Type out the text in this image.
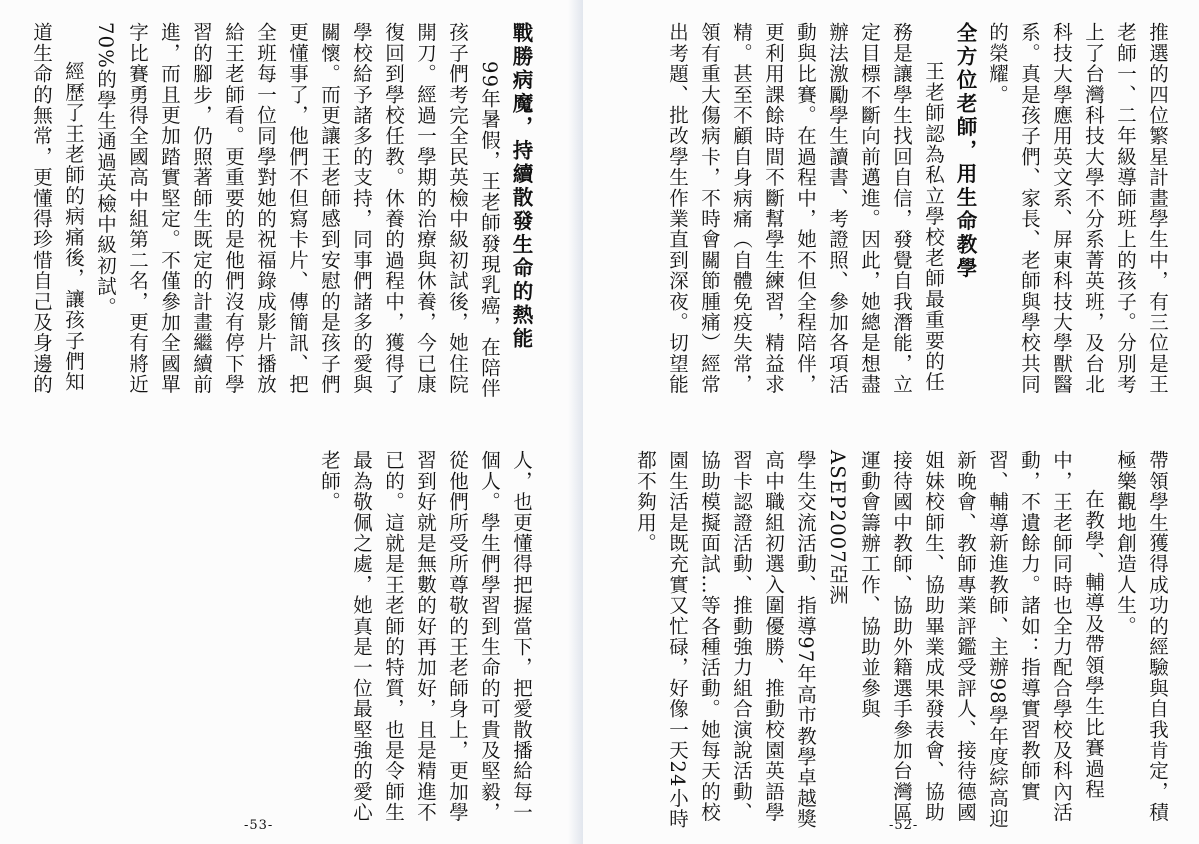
戰勝病魔，持續散發生命的熱能
99年暑假，王老師發現乳癌，在陪伴
孩子們考完全民英檢中級初試後，她住院
開刀。經過一學期的治療與休養，今已康
復回到學校任教。休養的過程中，獲得了
學校給予諸多的支持，同事們諸多的愛與
關懷。而更讓王老師感到安慰的是孩子們
更懂事了，他們不但寫卡片、傳簡訊、把
全班每一位同學對她的祝福錄成影片播放
給王老師看。更重要的是他們沒有停下學
習的腳步，仍照著師生既定的計畫繼續前
進，而且更加踏實堅定。不僅參加全國單
字比賽勇得全國高中組第二名，更有將近
70%的學生通過英檢中級初試。
經歷了王老師的病痛後，讓孩子們知
道生命的無常，更懂得珍惜自己及身邊的
人，也更懂得把握當下，把愛散播給每一
個人。學生們學習到生命的可貴及堅毅，
從他們所受所尊敬的王老師身上，更加學
習到好就是無數的好再加好，且是精進不
已的。這就是王老師的特質，也是令師生
最為敬佩之處，她真是一位最堅強的愛心
老師。
-53-
推選的四位繁星計畫學生中，有三位是王
老師一、二年級導師班上的孩子。分別考
上了台灣科技大學不分系菁英班，及台北
科技大學應用英文系、屏東科技大學獸醫
系。真是孩子們、家長、老師與學校共同
的榮耀。
全方位老師，用生命教學
王老師認為私立學校老師最重要的任
務是讓學生找回自信，發覺自我潛能，立
定目標不斷向前邁進。因此，她總是想盡
辦法激勵學生讀書、考證照、參加各項活
動與比賽。在過程中，她不但全程陪伴，
更利用課餘時間不斷幫學生練習，精益求
精。甚至不顧自身病痛（自體免疫失常，
領有重大傷病卡，不時會關節腫痛）經常
出考題、批改學生作業直到深夜。切望能
帶領學生獲得成功的經驗與自我肯定，積
極樂觀地創造人生。
在教學、輔導及帶領學生比賽過程
中，王老師同時也全力配合學校及科內活
動，不遺餘力。諸如：指導實習教師實
習、輔導新進教師、主辦98學年度綜高迎
新晚會、教師專業評鑑受評人、接待德國
姐妹校師生、協助畢業成果發表會、協助
接待國中教師、協助外籍選手參加台灣區
運動會籌辦工作、協助並參與ASEP2007亞洲
學生交流活動、指導97年高市教學卓越獎
高中職組初選入圍優勝、推動校園英語學
習卡認證活動、推動強力組合演說活動、
協助模擬面試…等各種活動。她每天的校
園生活是既充實又忙碌，好像一天24小時
都不夠用。
-52-
